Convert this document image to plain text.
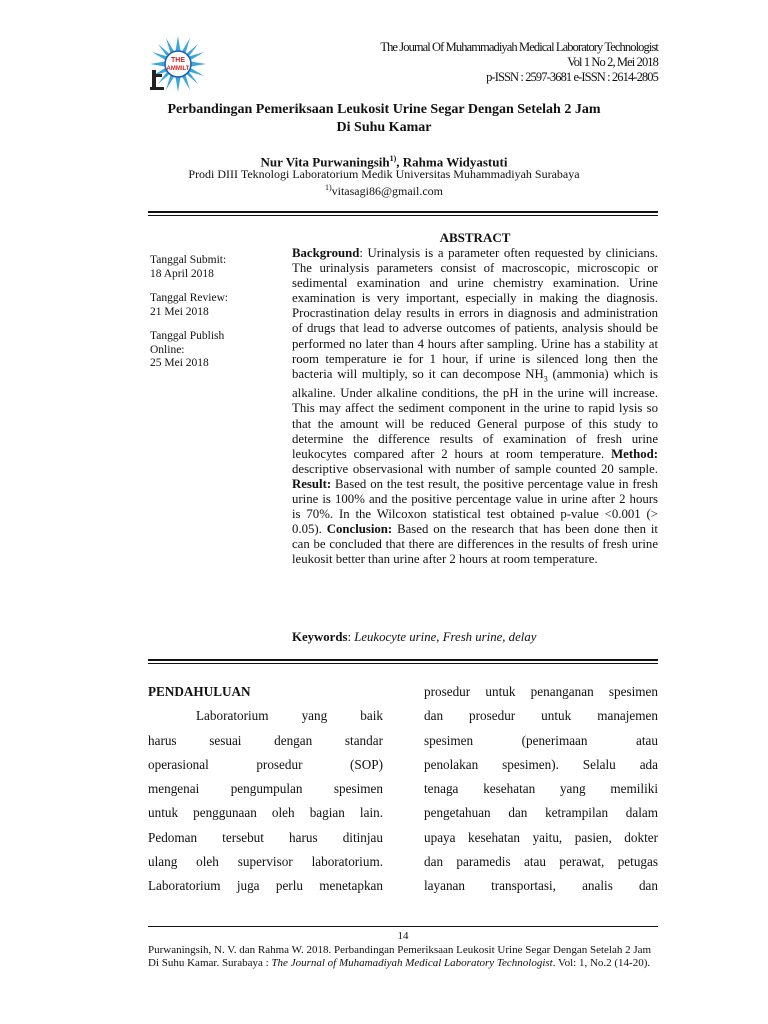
THE
AMMILT
The Journal Of Muhammadiyah Medical Laboratory Technologist
Vol 1 No 2, Mei 2018
p-ISSN : 2597-3681 e-ISSN : 2614-2805
Perbandingan Pemeriksaan Leukosit Urine Segar Dengan Setelah 2 Jam
Di Suhu Kamar
Nur Vita Purwaningsih$^{1)}$, Rahma Widyastuti
Prodi DIII Teknologi Laboratorium Medik Universitas Muhammadiyah Surabaya
$^{1)}$vitasagi86@gmail.com

Tanggal Submit:
18 April 2018

Tanggal Review:
21 Mei 2018

Tanggal Publish
Online:
25 Mei 2018

ABSTRACT
Background: Urinalysis is a parameter often requested by clinicians. The urinalysis parameters consist of macroscopic, microscopic or sedimental examination and urine chemistry examination. Urine examination is very important, especially in making the diagnosis. Procrastination delay results in errors in diagnosis and administration of drugs that lead to adverse outcomes of patients, analysis should be performed no later than 4 hours after sampling. Urine has a stability at room temperature ie for 1 hour, if urine is silenced long then the bacteria will multiply, so it can decompose $NH_3$ (ammonia) which is alkaline. Under alkaline conditions, the pH in the urine will increase. This may affect the sediment component in the urine to rapid lysis so that the amount will be reduced General purpose of this study to determine the difference results of examination of fresh urine leukocytes compared after 2 hours at room temperature. Method: descriptive observasional with number of sample counted 20 sample. Result: Based on the test result, the positive percentage value in fresh urine is 100% and the positive percentage value in urine after 2 hours is 70%. In the Wilcoxon statistical test obtained p-value <0.001 (> 0.05). Conclusion: Based on the research that has been done then it can be concluded that there are differences in the results of fresh urine leukosit better than urine after 2 hours at room temperature.
Keywords: Leukocyte urine, Fresh urine, delay
PENDAHULUAN
Laboratorium yang baik
harus sesuai dengan standar
operasional prosedur (SOP)
mengenai pengumpulan spesimen
untuk penggunaan oleh bagian lain.
Pedoman tersebut harus ditinjau
ulang oleh supervisor laboratorium.
Laboratorium juga perlu menetapkan
prosedur untuk penanganan spesimen
dan prosedur untuk manajemen
spesimen (penerimaan atau
penolakan spesimen). Selalu ada
tenaga kesehatan yang memiliki
pengetahuan dan ketrampilan dalam
upaya kesehatan yaitu, pasien, dokter
dan paramedis atau perawat, petugas
layanan transportasi, analis dan
14
Purwaningsih, N. V. dan Rahma W. 2018. Perbandingan Pemeriksaan Leukosit Urine Segar Dengan Setelah 2 Jam Di Suhu Kamar. Surabaya : The Journal of Muhamadiyah Medical Laboratory Technologist. Vol: 1, No.2 (14-20).
